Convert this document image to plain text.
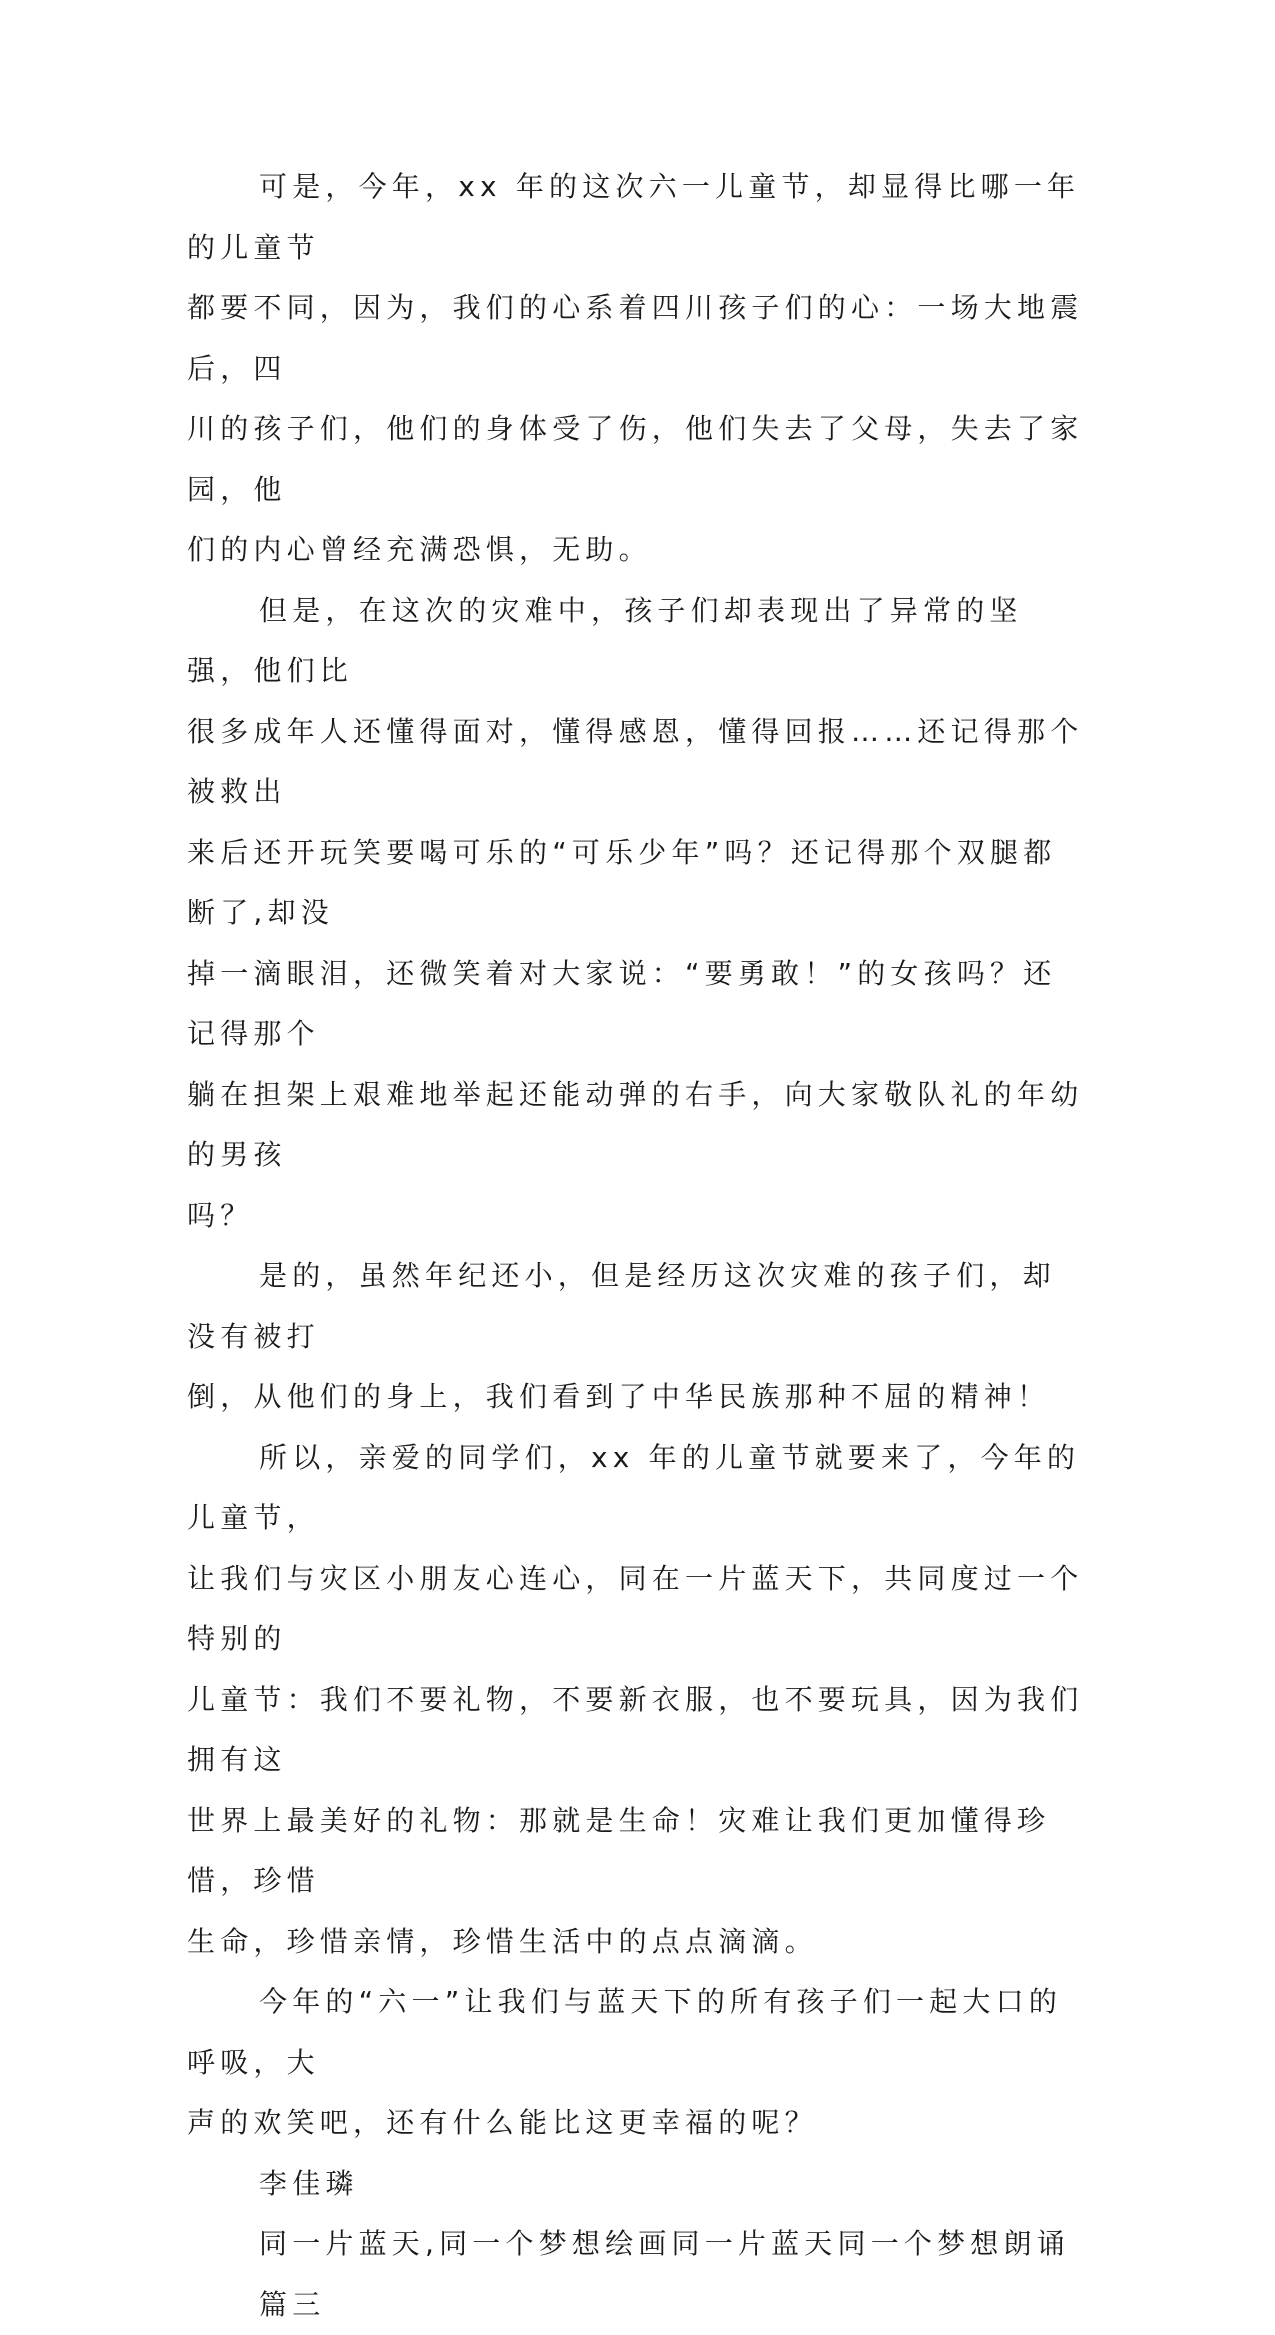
可是，今年，xx 年的这次六一儿童节，却显得比哪一年的儿童节
都要不同，因为，我们的心系着四川孩子们的心：一场大地震后，四
川的孩子们，他们的身体受了伤，他们失去了父母，失去了家园，他
们的内心曾经充满恐惧，无助。

但是，在这次的灾难中，孩子们却表现出了异常的坚强，他们比
很多成年人还懂得面对，懂得感恩，懂得回报……还记得那个被救出
来后还开玩笑要喝可乐的“可乐少年”吗？还记得那个双腿都断了,却没
掉一滴眼泪，还微笑着对大家说：“要勇敢！”的女孩吗？还记得那个
躺在担架上艰难地举起还能动弹的右手，向大家敬队礼的年幼的男孩
吗？

是的，虽然年纪还小，但是经历这次灾难的孩子们，却没有被打
倒，从他们的身上，我们看到了中华民族那种不屈的精神！

所以，亲爱的同学们，xx 年的儿童节就要来了，今年的儿童节，
让我们与灾区小朋友心连心，同在一片蓝天下，共同度过一个特别的
儿童节：我们不要礼物，不要新衣服，也不要玩具，因为我们拥有这
世界上最美好的礼物：那就是生命！灾难让我们更加懂得珍惜，珍惜
生命，珍惜亲情，珍惜生活中的点点滴滴。

今年的“六一”让我们与蓝天下的所有孩子们一起大口的呼吸，大
声的欢笑吧，还有什么能比这更幸福的呢？

李佳璘

同一片蓝天,同一个梦想绘画同一片蓝天同一个梦想朗诵篇三
